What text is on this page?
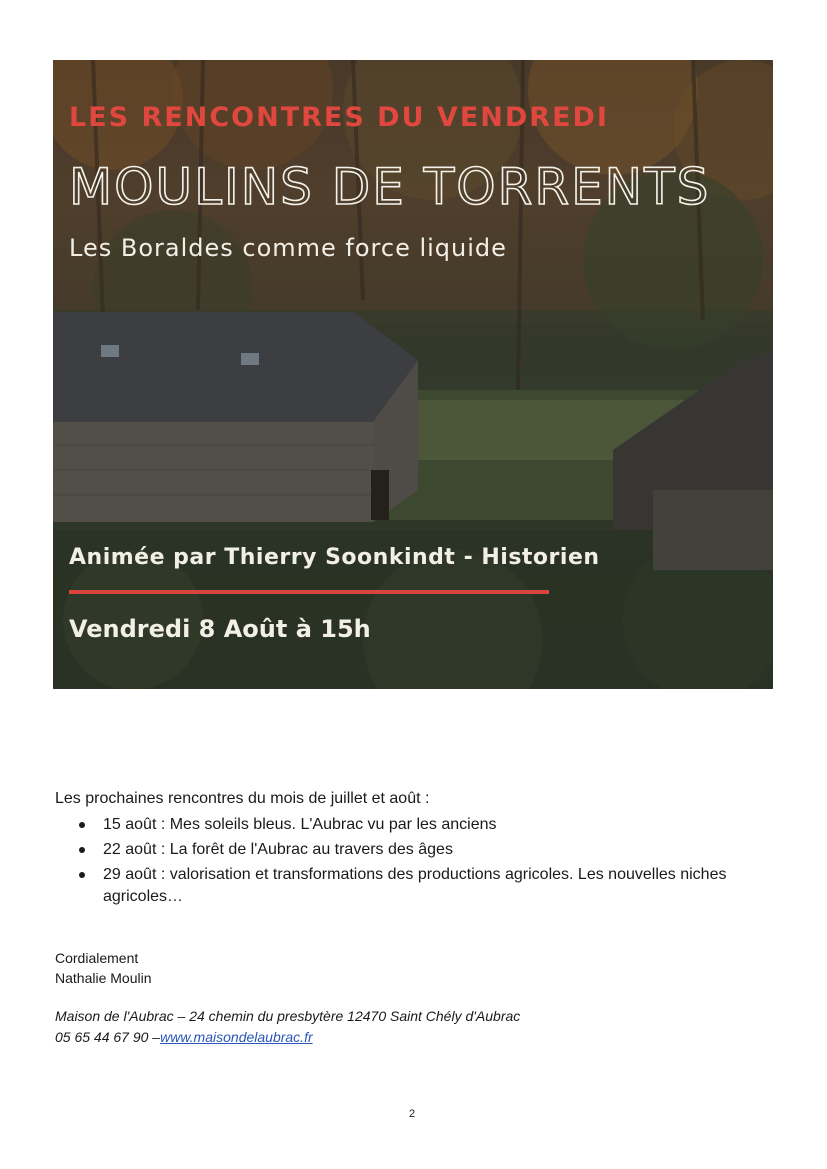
LES RENCONTRES DU VENDREDI
MOULINS DE TORRENTS
Les Boraldes comme force liquide
Animée par Thierry Soonkindt - Historien
Vendredi 8 Août à 15h

Les prochaines rencontres du mois de juillet et août :

15 août : Mes soleils bleus. L'Aubrac vu par les anciens
22 août : La forêt de l'Aubrac au travers des âges
29 août : valorisation et transformations des productions agricoles. Les nouvelles niches agricoles…
Cordialement
Nathalie Moulin
Maison de l'Aubrac – 24 chemin du presbytère 12470 Saint Chély d'Aubrac
05 65 44 67 90 –www.maisondelaubrac.fr
2
